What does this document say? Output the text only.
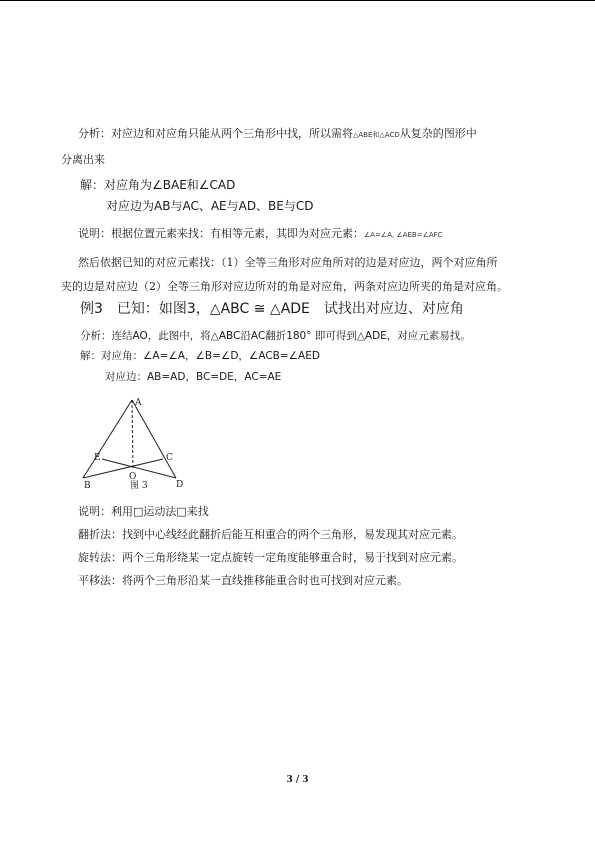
分析：对应边和对应角只能从两个三角形中找，所以需将△ABE和△ACD从复杂的图形中
分离出来
解：对应角为∠BAE和∠CAD
对应边为AB与AC、AE与AD、BE与CD
说明：根据位置元素来找：有相等元素，其即为对应元素：∠A=∠A, ∠AEB=∠AFC
然后依据已知的对应元素找：（1）全等三角形对应角所对的边是对应边，两个对应角所
夹的边是对应边（2）全等三角形对应边所对的角是对应角，两条对应边所夹的角是对应角。
例3 已知：如图3，△ABC ≅ △ADE 试找出对应边、对应角
分析：连结AO，此图中，将△ABC沿AC翻折180° 即可得到△ADE，对应元素易找。
解：对应角：∠A=∠A，∠B=∠D，∠ACB=∠AED
对应边：AB=AD，BC=DE，AC=AE
A
E	C
O
B	D
图 3
说明：利用□运动法□来找
翻折法：找到中心线经此翻折后能互相重合的两个三角形，易发现其对应元素。
旋转法：两个三角形绕某一定点旋转一定角度能够重合时，易于找到对应元素。
平移法：将两个三角形沿某一直线推移能重合时也可找到对应元素。
3 / 3
